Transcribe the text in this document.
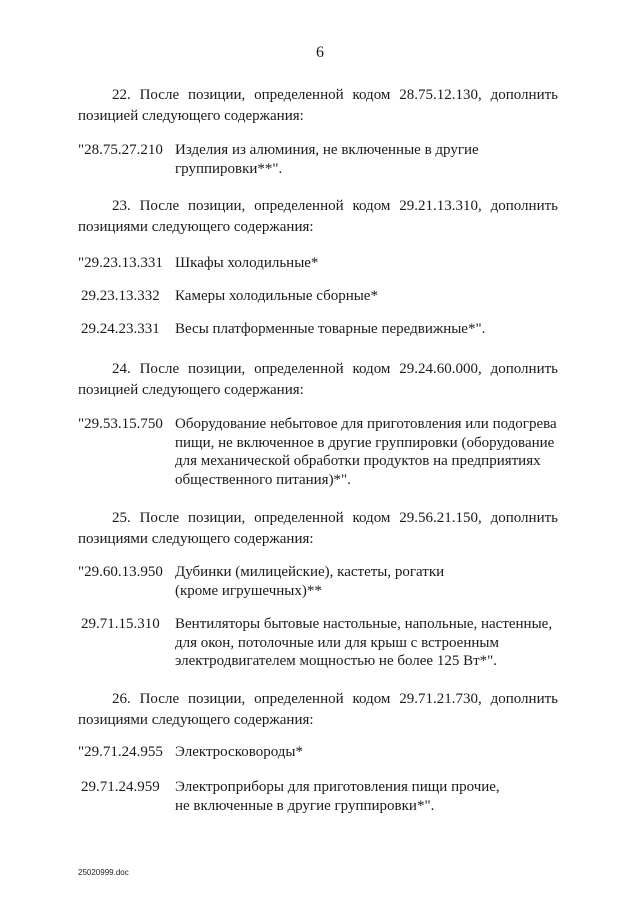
6
22. После позиции, определенной кодом 28.75.12.130, дополнить
позицией следующего содержания:
"28.75.27.210 Изделия из алюминия, не включенные в другие
группировки**".
23. После позиции, определенной кодом 29.21.13.310, дополнить
позициями следующего содержания:
"29.23.13.331 Шкафы холодильные*
29.23.13.332	Камеры холодильные сборные*
29.24.23.331	Весы платформенные товарные передвижные*".
24. После позиции, определенной кодом 29.24.60.000, дополнить
позицией следующего содержания:
"29.53.15.750 Оборудование небытовое для приготовления или подогрева
пищи, не включенное в другие группировки (оборудование
для механической обработки продуктов на предприятиях
общественного питания)*".
25. После позиции, определенной кодом 29.56.21.150, дополнить
позициями следующего содержания:
"29.60.13.950 Дубинки (милицейские), кастеты, рогатки
(кроме игрушечных)**
29.71.15.310	Вентиляторы бытовые настольные, напольные, настенные,
для окон, потолочные или для крыш с встроенным
электродвигателем мощностью не более 125 Вт*".
26. После позиции, определенной кодом 29.71.21.730, дополнить
позициями следующего содержания:
"29.71.24.955 Электросковороды*
29.71.24.959	Электроприборы для приготовления пищи прочие,
не включенные в другие группировки*".
25020999.doc
